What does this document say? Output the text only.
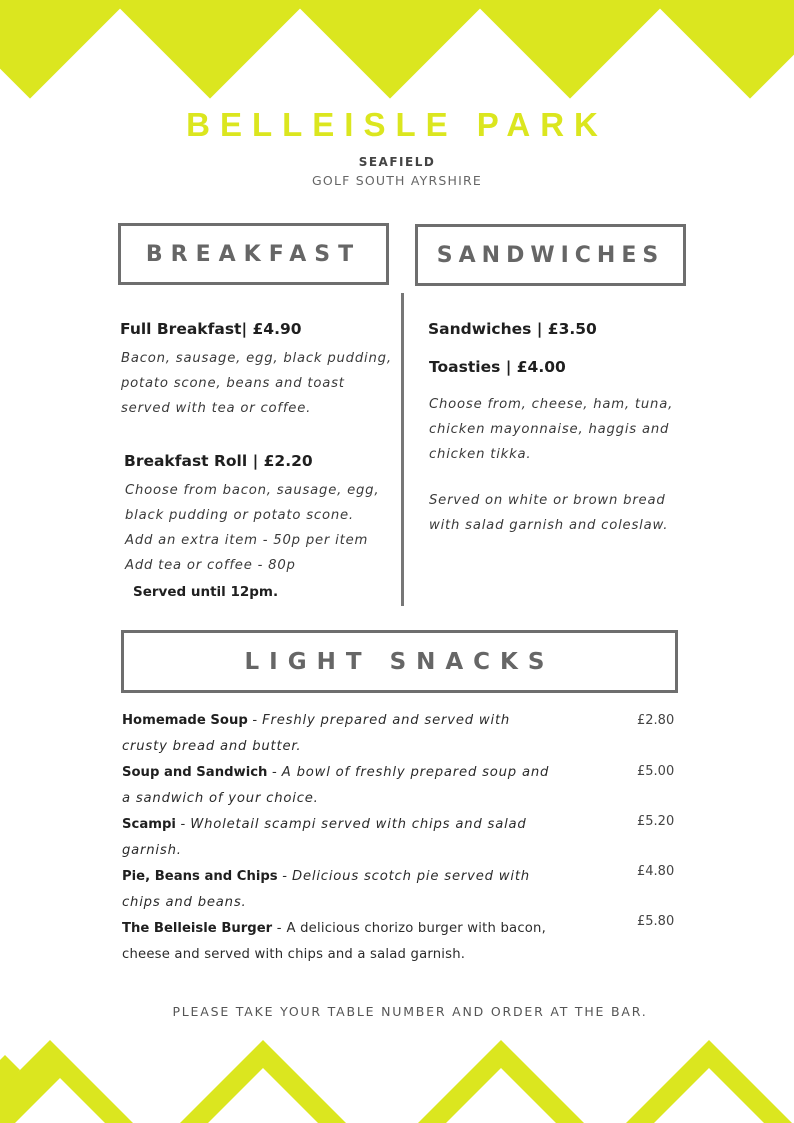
BELLEISLE PARK
SEAFIELD
GOLF SOUTH AYRSHIRE
BREAKFAST	SANDWICHES
Full Breakfast| £4.90
Bacon, sausage, egg, black pudding,
potato scone, beans and toast
served with tea or coffee.
Breakfast Roll | £2.20
Choose from bacon, sausage, egg,
black pudding or potato scone.
Add an extra item - 50p per item
Add tea or coffee - 80p
Served until 12pm.
Sandwiches | £3.50
Toasties | £4.00
Choose from, cheese, ham, tuna,
chicken mayonnaise, haggis and
chicken tikka.
Served on white or brown bread
with salad garnish and coleslaw.
LIGHT SNACKS
Homemade Soup - Freshly prepared and served with crusty bread and butter.
£2.80
Soup and Sandwich - A bowl of freshly prepared soup and a sandwich of your choice.
£5.00
Scampi - Wholetail scampi served with chips and salad garnish.
£5.20
Pie, Beans and Chips - Delicious scotch pie served with chips and beans.
£4.80
The Belleisle Burger - A delicious chorizo burger with bacon, cheese and served with chips and a salad garnish.
£5.80
PLEASE TAKE YOUR TABLE NUMBER AND ORDER AT THE BAR.
